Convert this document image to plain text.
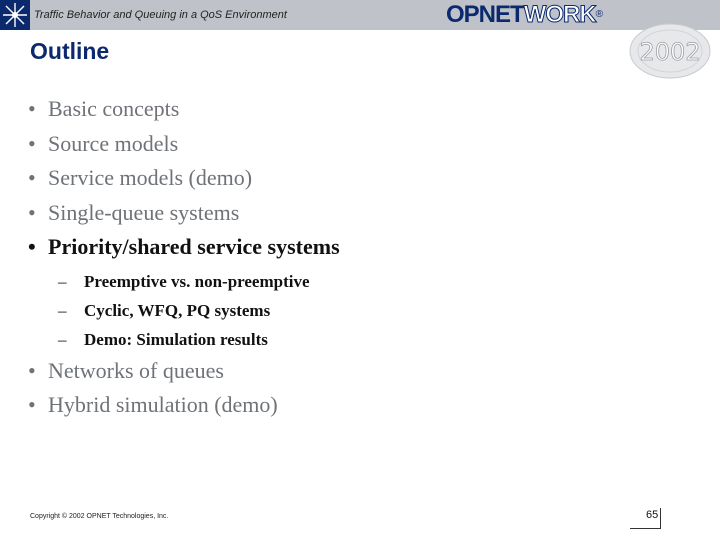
Traffic Behavior and Queuing in a QoS Environment	OPNETWORK®
2002
Outline
• Basic concepts
• Source models
• Service models (demo)
• Single-queue systems
• Priority/shared service systems
– Preemptive vs. non-preemptive
– Cyclic, WFQ, PQ systems
– Demo: Simulation results
• Networks of queues
• Hybrid simulation (demo)
Copyright © 2002 OPNET Technologies, Inc.	65
